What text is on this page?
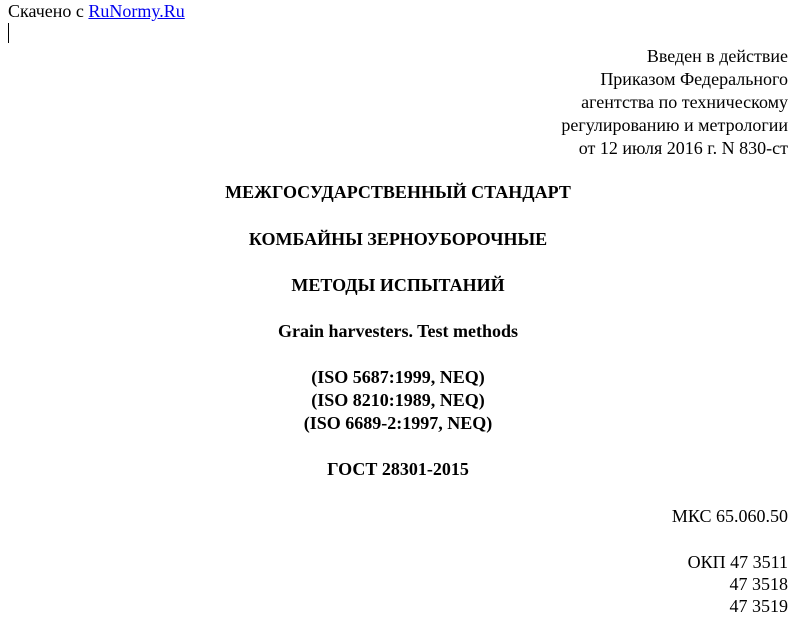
Скачено с RuNormy.Ru
Введен в действие
Приказом Федерального
агентства по техническому
регулированию и метрологии
от 12 июля 2016 г. N 830-ст
МЕЖГОСУДАРСТВЕННЫЙ СТАНДАРТ
КОМБАЙНЫ ЗЕРНОУБОРОЧНЫЕ
МЕТОДЫ ИСПЫТАНИЙ
Grain harvesters. Test methods
(ISO 5687:1999, NEQ)
(ISO 8210:1989, NEQ)
(ISO 6689-2:1997, NEQ)
ГОСТ 28301-2015
МКС 65.060.50
ОКП 47 3511
47 3518
47 3519
